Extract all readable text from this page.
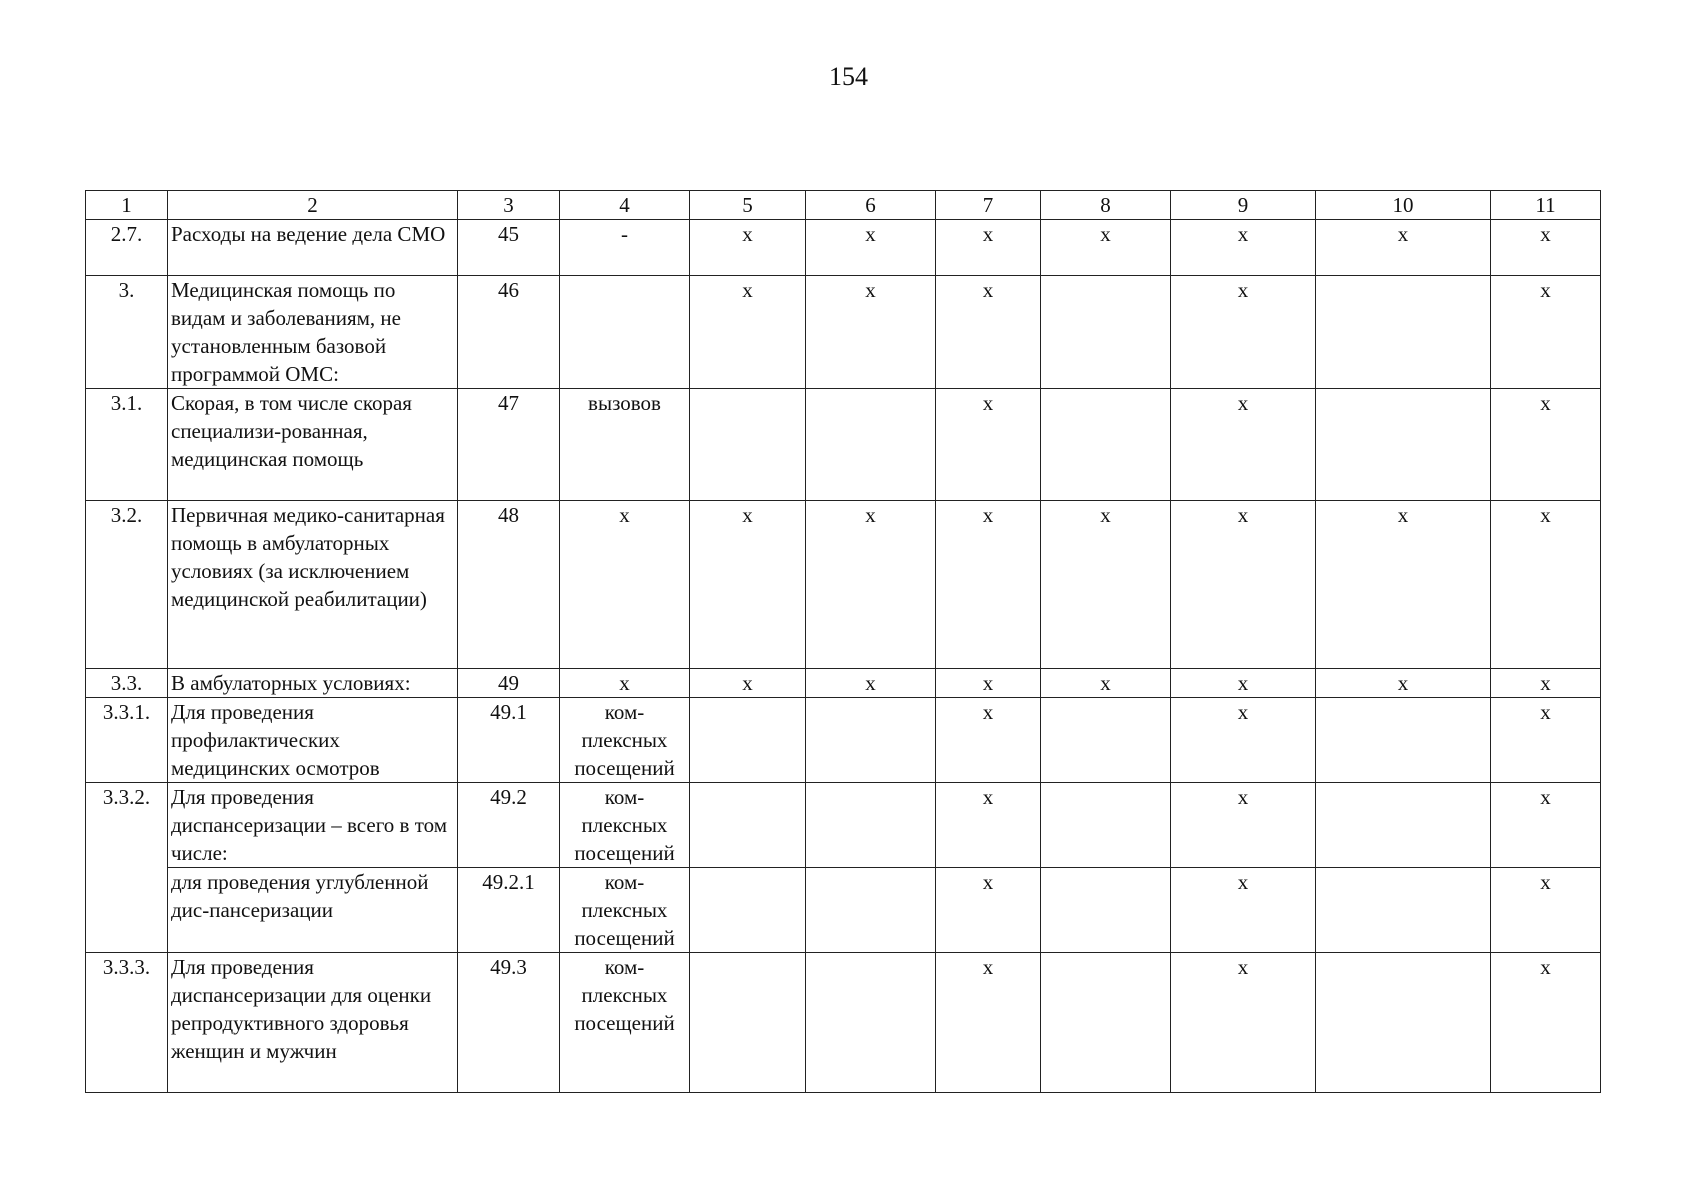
154
1	2	3	4	5	6	7	8	9	10	11
2.7.	Расходы на ведение дела СМО	45	-	х	х	х	х	х	х	х
3.	Медицинская помощь по видам и заболеваниям, не установленным базовой программой ОМС:	46		х	х	х		х		х
3.1.	Скорая, в том числе скорая специализи-рованная, медицинская помощь	47	вызовов			х		х		х
3.2.	Первичная медико-санитарная помощь в амбулаторных условиях (за исключением медицинской реабилитации)	48	х	х	х	х	х	х	х	х
3.3.	В амбулаторных условиях:	49	х	х	х	х	х	х	х	х
3.3.1.	Для проведения профилактических медицинских осмотров	49.1	ком-плексных посещений			х		х		х
3.3.2.	Для проведения диспансеризации – всего в том числе:	49.2	ком-плексных посещений			х		х		х
	для проведения углубленной дис-пансеризации	49.2.1	ком-плексных посещений			х		х		х
3.3.3.	Для проведения диспансеризации для оценки репродуктивного здоровья женщин и мужчин	49.3	ком-плексных посещений			х		х		х
